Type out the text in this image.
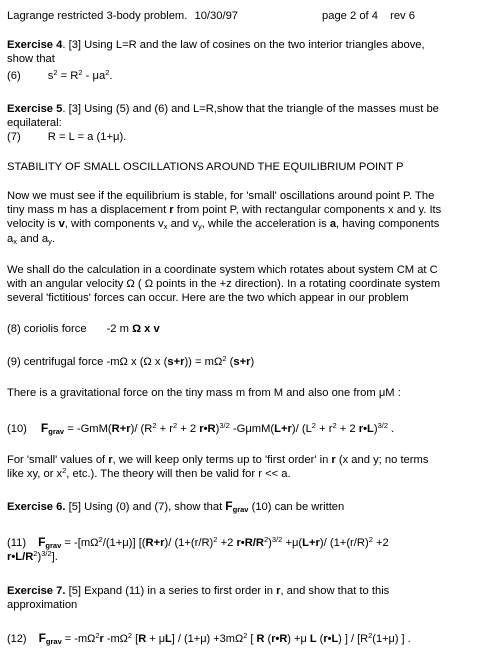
Lagrange restricted 3-body problem. 10/30/97	page 2 of 4 rev 6
Exercise 4. [3] Using L=R and the law of cosines on the two interior triangles above,
show that
(6) $s^2 = R^2 - \mu a^2$.
Exercise 5. [3] Using (5) and (6) and L=R,show that the triangle of the masses must be
equilateral:
(7) R = L = a (1+μ).
STABILITY OF SMALL OSCILLATIONS AROUND THE EQUILIBRIUM POINT P
Now we must see if the equilibrium is stable, for 'small' oscillations around point P. The
tiny mass m has a displacement r from point P, with rectangular components x and y. Its
velocity is v, with components $v_x$ and $v_y$, while the acceleration is a, having components
$a_x$ and $a_y$.
We shall do the calculation in a coordinate system which rotates about system CM at C
with an angular velocity Ω ( Ω points in the +z direction). In a rotating coordinate system
several 'fictitious' forces can occur. Here are the two which appear in our problem
(8) coriolis force -2 m Ω x v
(9) centrifugal force -mΩ x (Ω x $(s+r)) = m\Omega^2$ (s+r)
There is a gravitational force on the tiny mass m from M and also one from μM :
(10) $F_{grav} = -GmM(R+r)/$ ($R^2 + r^2 + 2$ r•R)$^{3/2}$ -GμmM(L+r)/ ($L^2 + r^2 + 2$ r•L)$^{3/2}$ .
For 'small' values of r, we will keep only terms up to 'first order' in r (x and y; no terms
like xy, or $x^2$, etc.). The theory will then be valid for r << a.
Exercise 6. [5] Using (0) and (7), show that $F_{grav}$ (10) can be written
(11) $F_{grav} = -[m\Omega^2/(1+\mu)]$ [(R+r)/ ($1+(r/R)^2 +2$ $r•R/R^2)^{3/2} +\mu(L+r)/$ ($1+(r/R)^2 +2$
$r•L/R^2)^{3/2}$].
Exercise 7. [5] Expand (11) in a series to first order in r, and show that to this
approximation
(12) $F_{grav} = -m\Omega^2r$ $-m\Omega^2$ $[R + \mu L] / (1+\mu) +3m\Omega^2$ [ R (r•R) +μ L (r•L) ] / [$R^2(1+\mu)$ ] .
